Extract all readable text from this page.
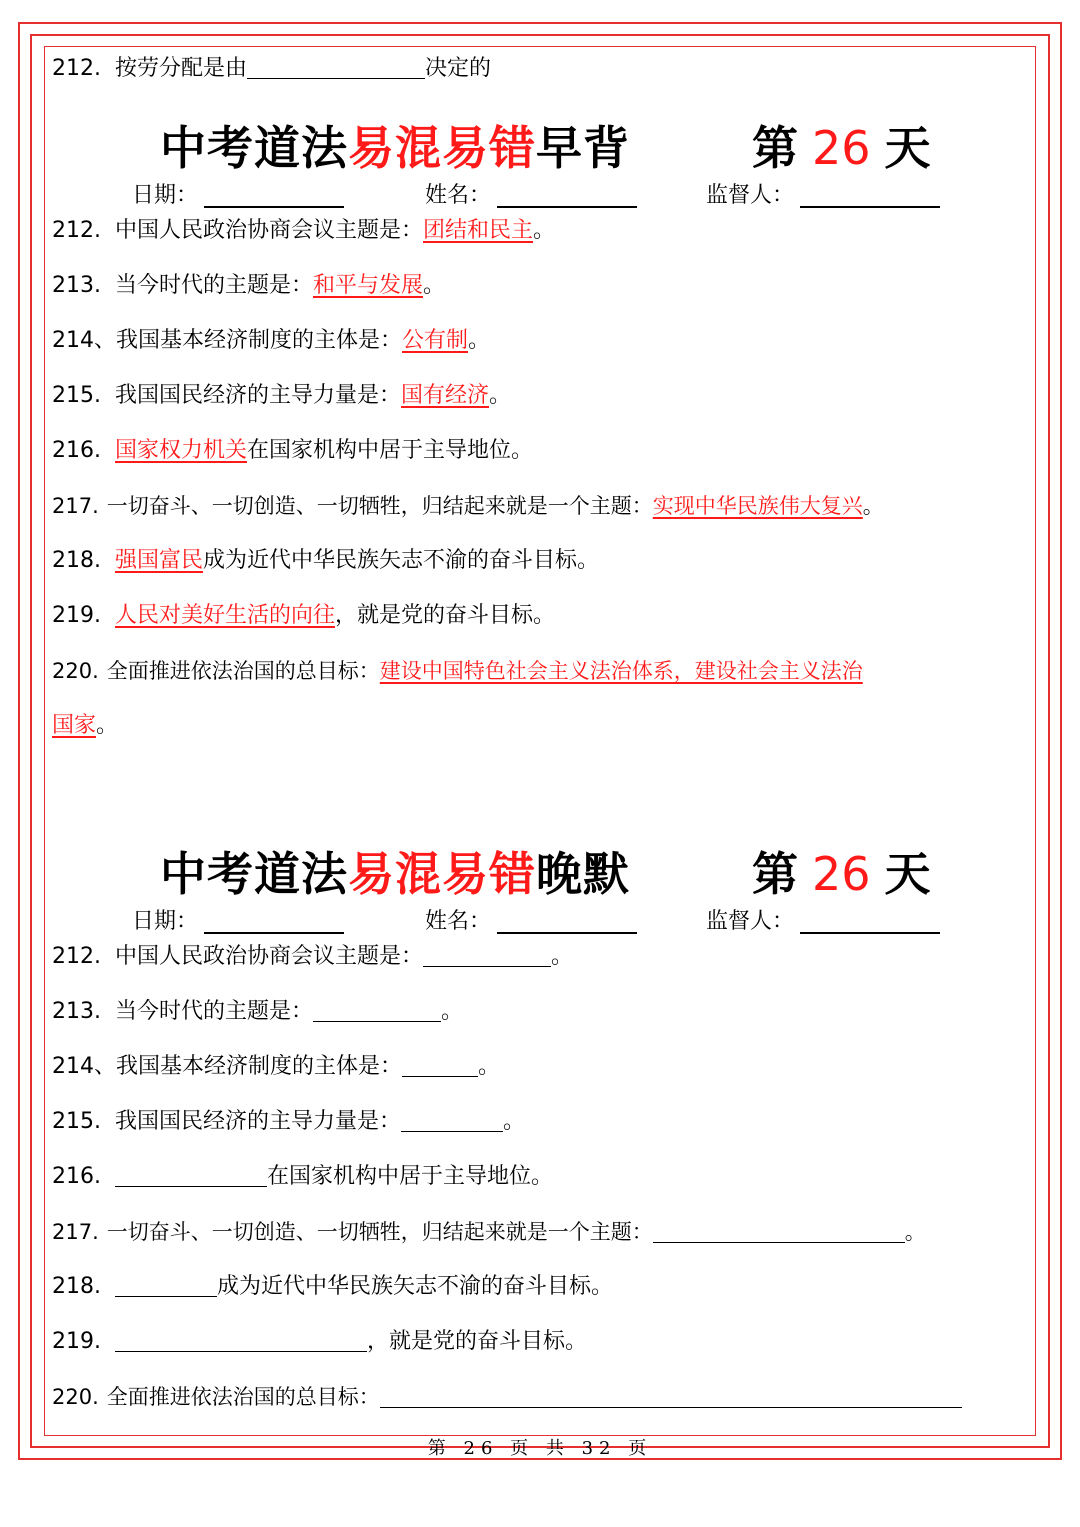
212. 按劳分配是由	决定的
中考道法易混易错早背	第 26 天
日期：	姓名：	监督人：
212. 中国人民政治协商会议主题是：团结和民主。
213. 当今时代的主题是：和平与发展。
214、我国基本经济制度的主体是：公有制。
215. 我国国民经济的主导力量是：国有经济。
216. 国家权力机关在国家机构中居于主导地位。
217. 一切奋斗、一切创造、一切牺牲，归结起来就是一个主题：实现中华民族伟大复兴。
218. 强国富民成为近代中华民族矢志不渝的奋斗目标。
219. 人民对美好生活的向往，就是党的奋斗目标。
220. 全面推进依法治国的总目标：建设中国特色社会主义法治体系，建设社会主义法治
国家。
中考道法易混易错晚默	第 26 天
日期：	姓名：	监督人：
212. 中国人民政治协商会议主题是：	。
213. 当今时代的主题是：	。
214、我国基本经济制度的主体是：	。
215. 我国国民经济的主导力量是：	。
216.	在国家机构中居于主导地位。
217. 一切奋斗、一切创造、一切牺牲，归结起来就是一个主题：	。
218.	成为近代中华民族矢志不渝的奋斗目标。
219.	，就是党的奋斗目标。
220. 全面推进依法治国的总目标：
第 26 页 共 32 页
